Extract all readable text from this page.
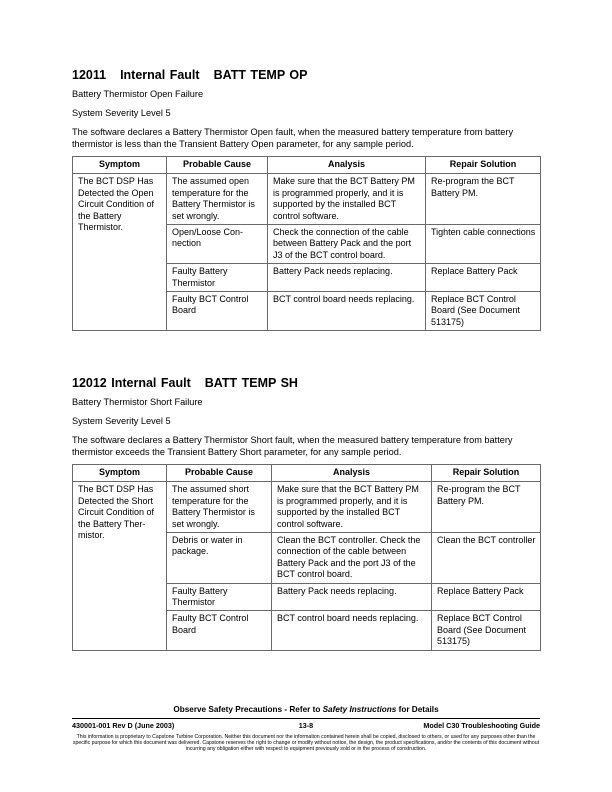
12011 Internal Fault BATT TEMP OP
Battery Thermistor Open Failure
System Severity Level 5
The software declares a Battery Thermistor Open fault, when the measured battery temperature from battery thermistor is less than the Transient Battery Open parameter, for any sample period.
Symptom	Probable Cause	Analysis	Repair Solution
The BCT DSP Has Detected the Open Circuit Condition of the Battery Thermistor.	The assumed open temperature for the Battery Thermistor is set wrongly.	Make sure that the BCT Battery PM is programmed properly, and it is supported by the installed BCT control software.	Re-program the BCT Battery PM.
	Open/Loose Con-nection	Check the connection of the cable between Battery Pack and the port J3 of the BCT control board.	Tighten cable connections
	Faulty Battery Thermistor	Battery Pack needs replacing.	Replace Battery Pack
	Faulty BCT Control Board	BCT control board needs replacing.	Replace BCT Control Board (See Document 513175)
12012 Internal Fault BATT TEMP SH
Battery Thermistor Short Failure
System Severity Level 5
The software declares a Battery Thermistor Short fault, when the measured battery temperature from battery thermistor exceeds the Transient Battery Short parameter, for any sample period.
Symptom	Probable Cause	Analysis	Repair Solution
The BCT DSP Has Detected the Short Circuit Condition of the Battery Ther-mistor.	The assumed short temperature for the Battery Thermistor is set wrongly.	Make sure that the BCT Battery PM is programmed properly, and it is supported by the installed BCT control software.	Re-program the BCT Battery PM.
	Debris or water in package.	Clean the BCT controller. Check the connection of the cable between Battery Pack and the port J3 of the BCT control board.	Clean the BCT controller
	Faulty Battery Thermistor	Battery Pack needs replacing.	Replace Battery Pack
	Faulty BCT Control Board	BCT control board needs replacing.	Replace BCT Control Board (See Document 513175)
Observe Safety Precautions - Refer to Safety Instructions for Details
430001-001 Rev D (June 2003)	13-8	Model C30 Troubleshooting Guide
This information is proprietary to Capstone Turbine Corporation. Neither this document nor the information contained herein shall be copied, disclosed to others, or used for any purposes other than the specific purpose for which this document was delivered. Capstone reserves the right to change or modify without notice, the design, the product specifications, and/or the contents of this document without incurring any obligation either with respect to equipment previously sold or in the process of construction.
